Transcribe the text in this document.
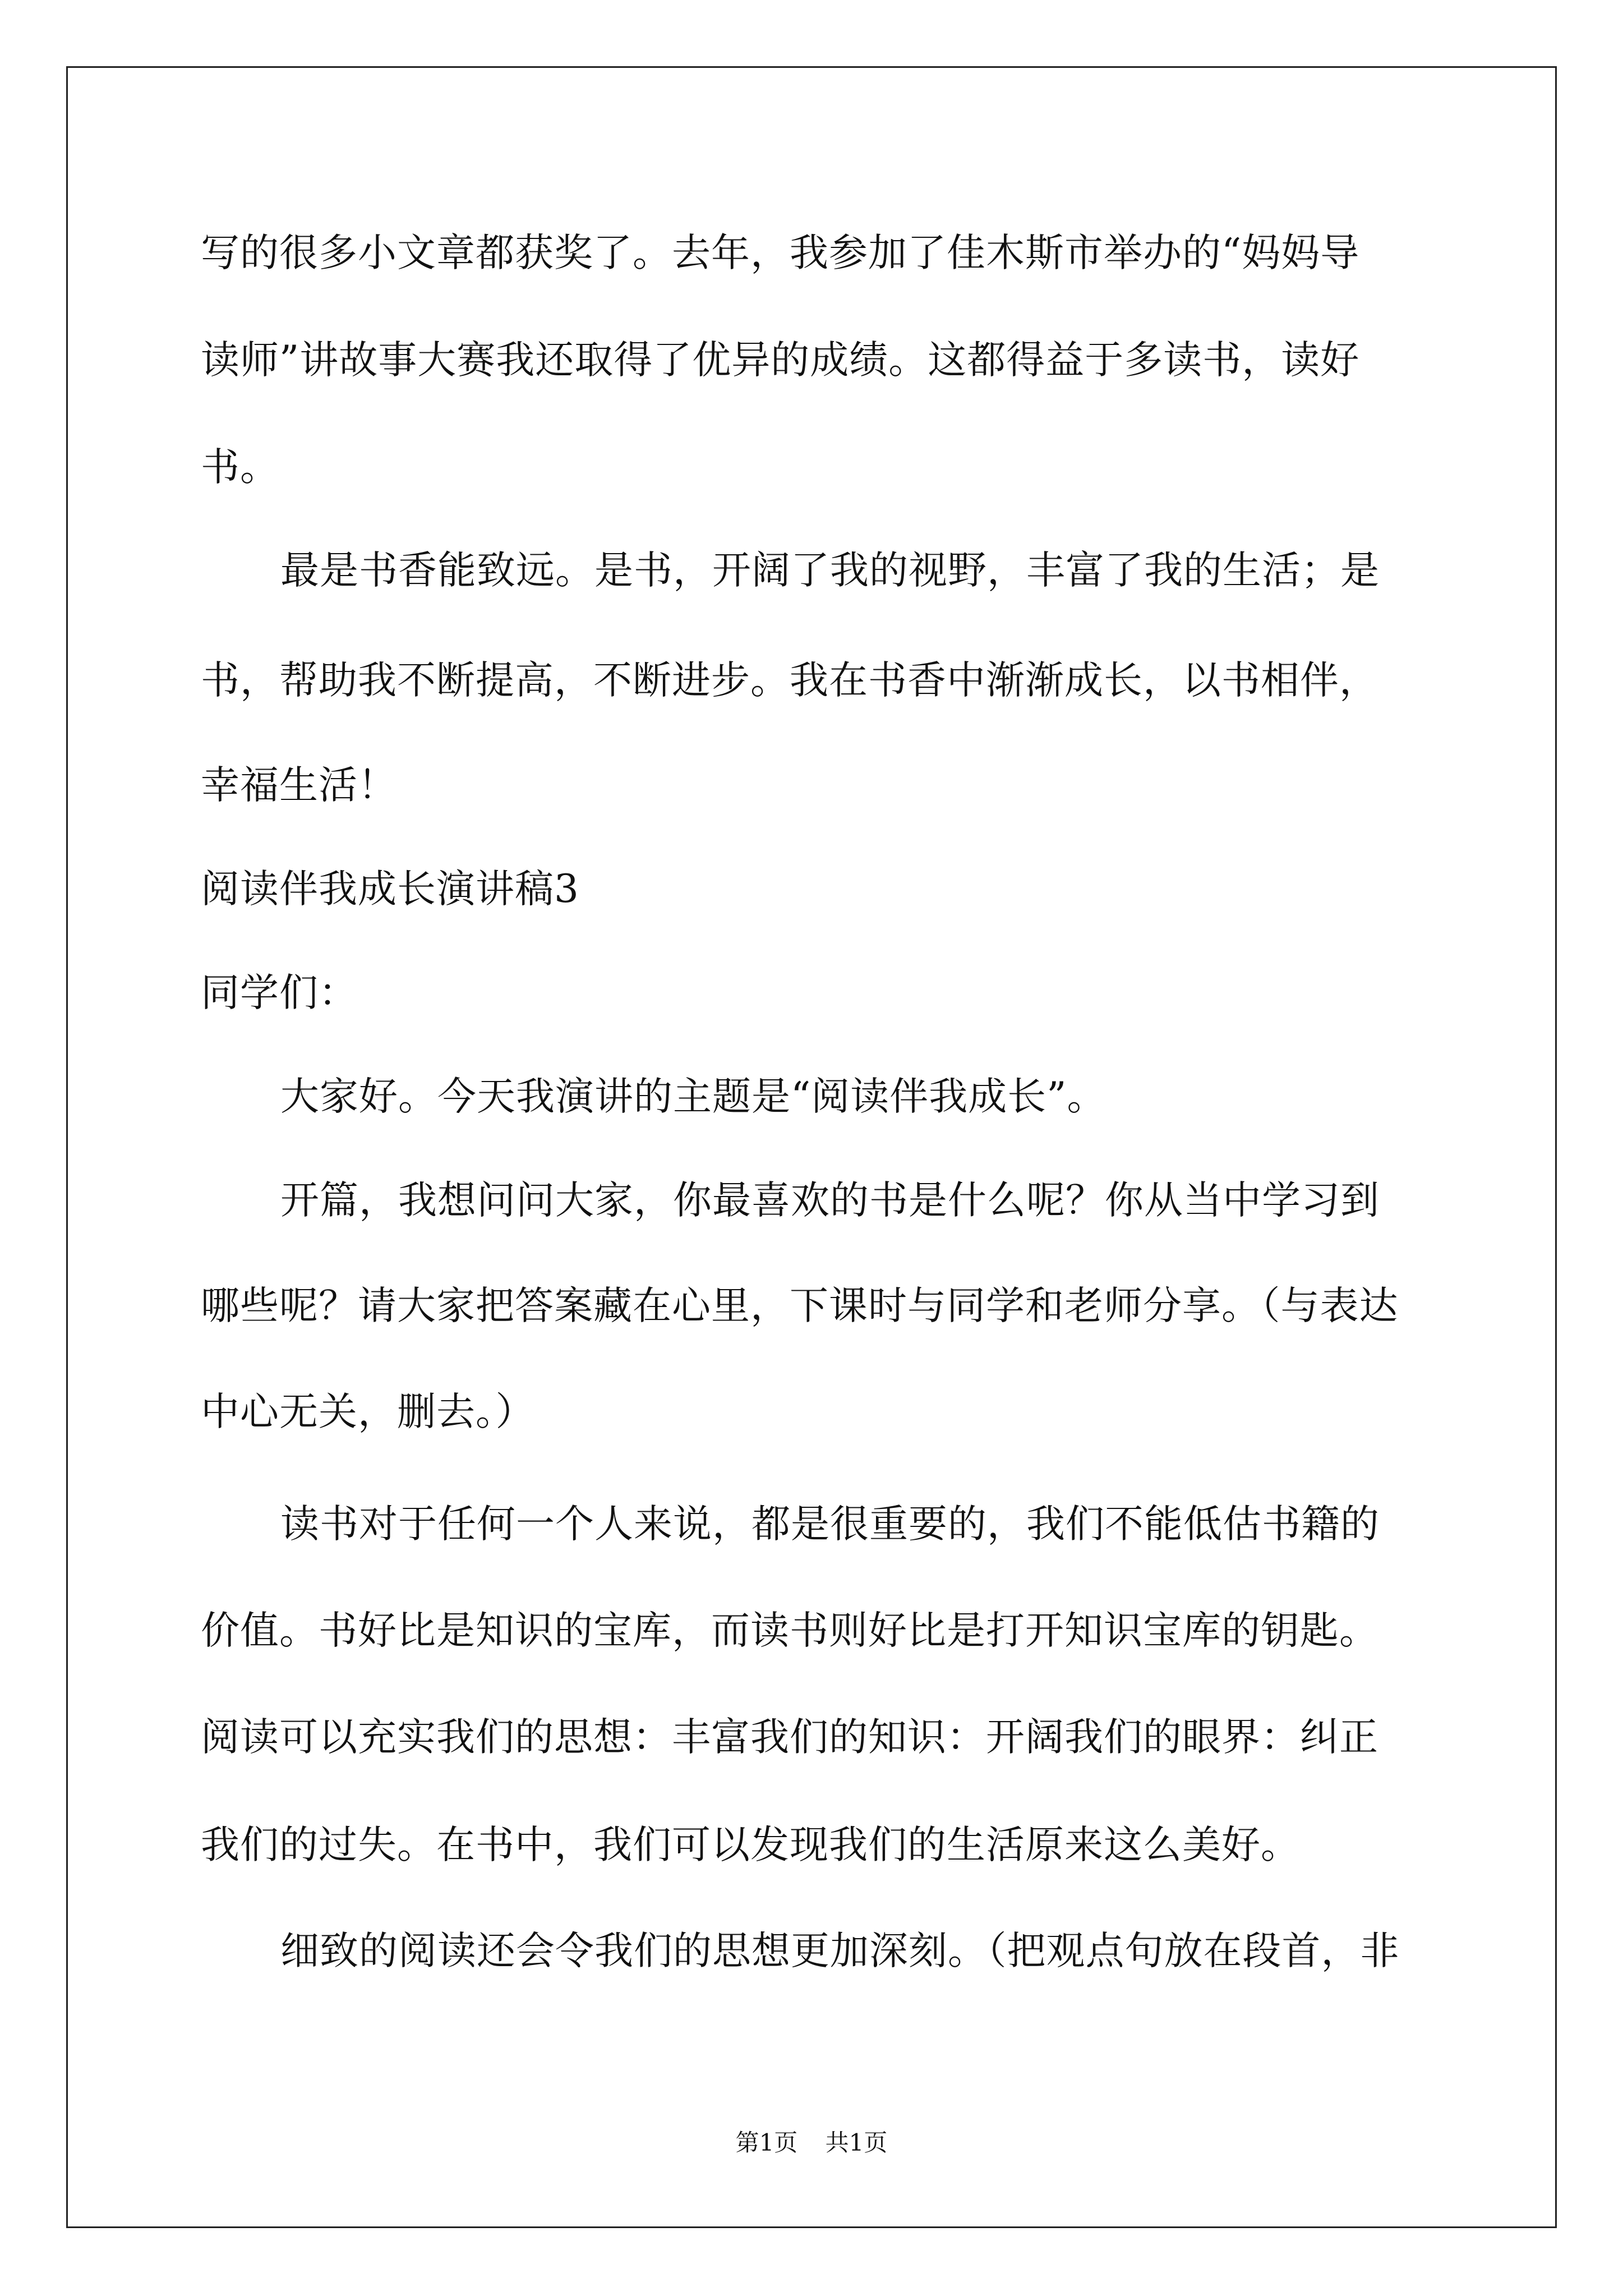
写的很多小文章都获奖了。去年，我参加了佳木斯市举办的“妈妈导
读师”讲故事大赛我还取得了优异的成绩。这都得益于多读书，读好
书。
最是书香能致远。是书，开阔了我的视野，丰富了我的生活；是
书，帮助我不断提高，不断进步。我在书香中渐渐成长，以书相伴，
幸福生活！
阅读伴我成长演讲稿3
同学们：
大家好。今天我演讲的主题是“阅读伴我成长”。
开篇，我想问问大家，你最喜欢的书是什么呢？你从当中学习到
哪些呢？请大家把答案藏在心里，下课时与同学和老师分享。（与表达
中心无关，删去。）
读书对于任何一个人来说，都是很重要的，我们不能低估书籍的
价值。书好比是知识的宝库，而读书则好比是打开知识宝库的钥匙。
阅读可以充实我们的思想：丰富我们的知识：开阔我们的眼界：纠正
我们的过失。在书中，我们可以发现我们的生活原来这么美好。
细致的阅读还会令我们的思想更加深刻。（把观点句放在段首，非
第1页 共1页
